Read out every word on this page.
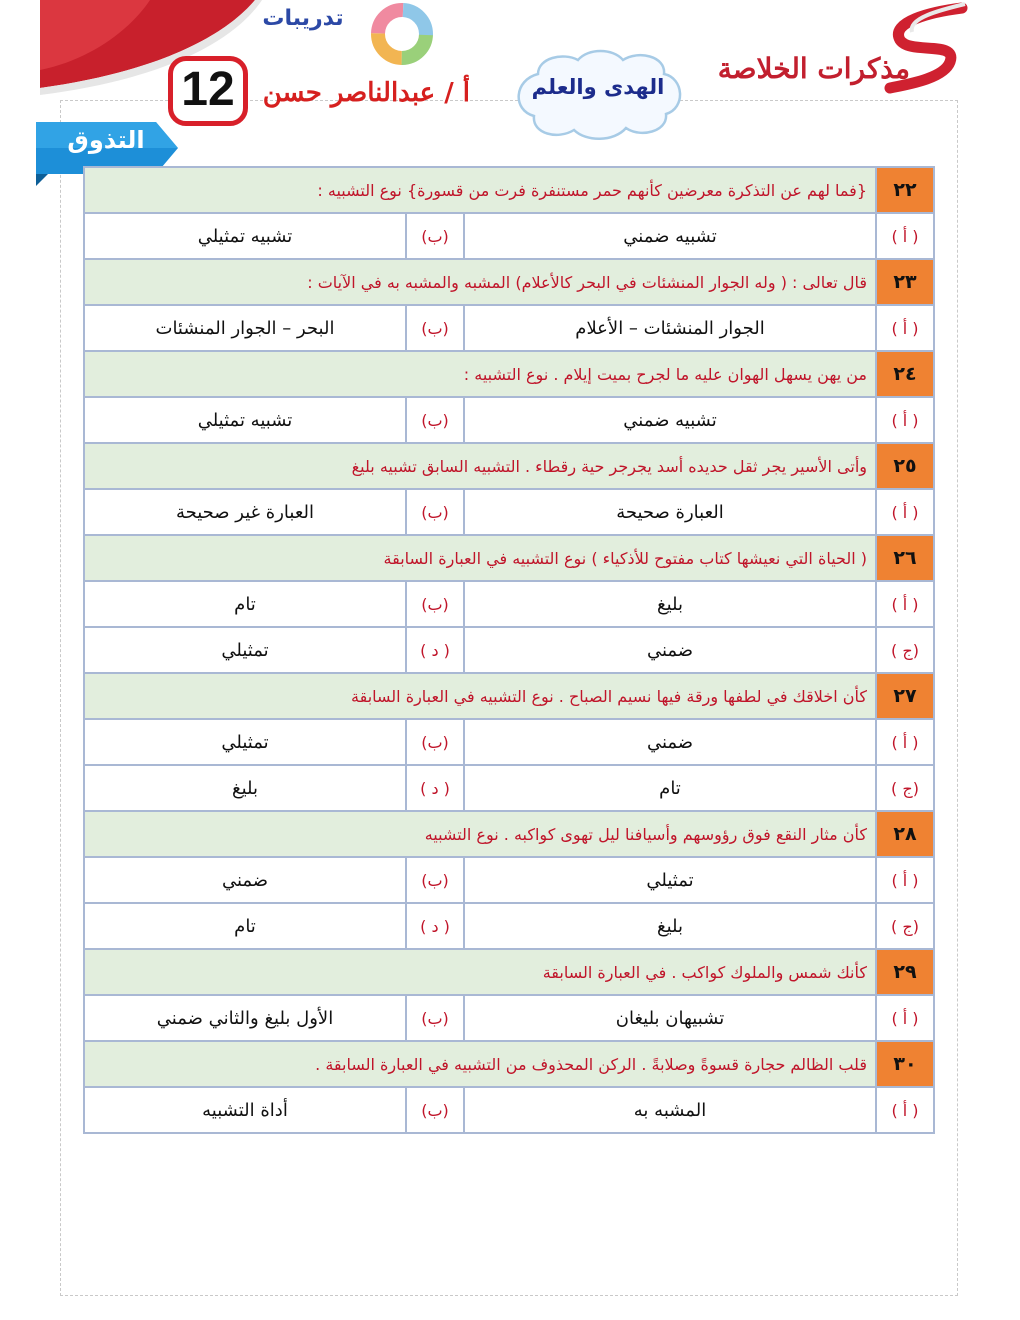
مذكرات الخلاصة
تدريبات
أ / عبدالناصر حسن
12	الهدى والعلم
التذوق
٢٢	{فما لهم عن التذكرة معرضين كأنهم حمر مستنفرة فرت من قسورة} نوع التشبيه :		
( أ )	تشبيه ضمني	(ب)	تشبيه تمثيلي
٢٣	قال تعالى : ( وله الجوار المنشئات في البحر كالأعلام) المشبه والمشبه به في الآيات :		
( أ )	الجوار المنشئات – الأعلام	(ب)	البحر – الجوار المنشئات
٢٤	من يهن يسهل الهوان عليه ما لجرح بميت إيلام . نوع التشبيه :		
( أ )	تشبيه ضمني	(ب)	تشبيه تمثيلي
٢٥	وأتى الأسير يجر ثقل حديده أسد يجرجر حية رقطاء . التشبيه السابق تشبيه بليغ		
( أ )	العبارة صحيحة	(ب)	العبارة غير صحيحة
٢٦	( الحياة التي نعيشها كتاب مفتوح للأذكياء ) نوع التشبيه في العبارة السابقة		
( أ )	بليغ	(ب)	تام
(ج )	ضمني	( د )	تمثيلي
٢٧	كأن اخلاقك في لطفها ورقة فيها نسيم الصباح . نوع التشبيه في العبارة السابقة		
( أ )	ضمني	(ب)	تمثيلي
(ج )	تام	( د )	بليغ
٢٨	كأن مثار النقع فوق رؤوسهم وأسيافنا ليل تهوى كواكبه . نوع التشبيه		
( أ )	تمثيلي	(ب)	ضمني
(ج )	بليغ	( د )	تام
٢٩	كأنك شمس والملوك كواكب . في العبارة السابقة		
( أ )	تشبيهان بليغان	(ب)	الأول بليغ والثاني ضمني
٣٠	قلب الظالم حجارة قسوةً وصلابةً . الركن المحذوف من التشبيه في العبارة السابقة .		
( أ )	المشبه به	(ب)	أداة التشبيه
